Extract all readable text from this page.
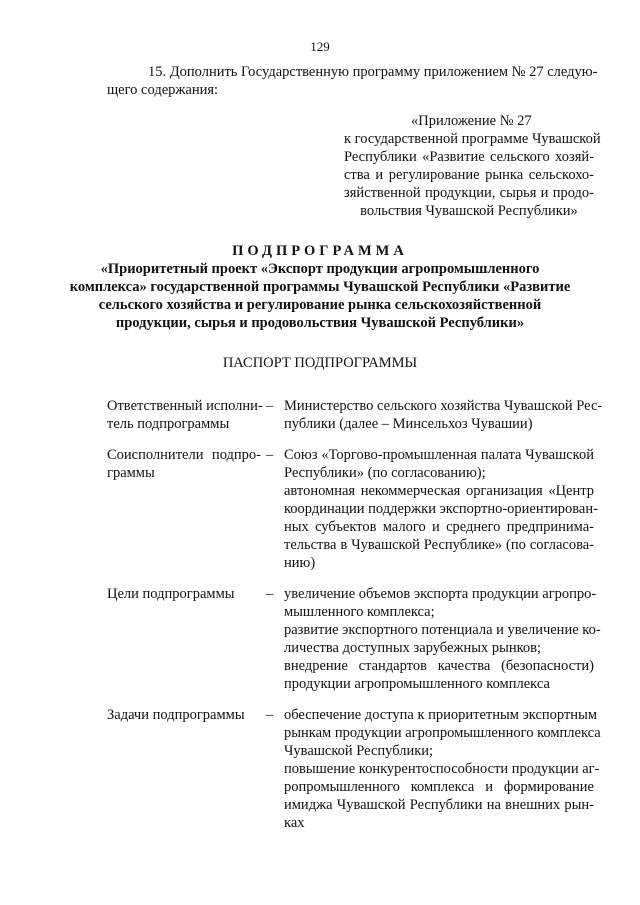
129
15. Дополнить Государственную программу приложением № 27 следую-
щего содержания:
«Приложение № 27
к государственной программе Чувашской
Республики «Развитие сельского хозяй-
ства и регулирование рынка сельскохо-
зяйственной продукции, сырья и продо-
вольствия Чувашской Республики»
ПОДПРОГРАММА
«Приоритетный проект «Экспорт продукции агропромышленного
комплекса» государственной программы Чувашской Республики «Развитие
сельского хозяйства и регулирование рынка сельскохозяйственной
продукции, сырья и продовольствия Чувашской Республики»
ПАСПОРТ ПОДПРОГРАММЫ
Ответственный исполни-
тель подпрограммы
– Министерство сельского хозяйства Чувашской Рес-
публики (далее – Минсельхоз Чувашии)
Соисполнители подпро-
граммы
– Союз «Торгово-промышленная палата Чувашской
Республики» (по согласованию);
автономная некоммерческая организация «Центр
координации поддержки экспортно-ориентирован-
ных субъектов малого и среднего предпринима-
тельства в Чувашской Республике» (по согласова-
нию)
Цели подпрограммы	– увеличение объемов экспорта продукции агропро-
мышленного комплекса;
развитие экспортного потенциала и увеличение ко-
личества доступных зарубежных рынков;
внедрение стандартов качества (безопасности)
продукции агропромышленного комплекса
Задачи подпрограммы	– обеспечение доступа к приоритетным экспортным
рынкам продукции агропромышленного комплекса
Чувашской Республики;
повышение конкурентоспособности продукции аг-
ропромышленного комплекса и формирование
имиджа Чувашской Республики на внешних рын-
ках
